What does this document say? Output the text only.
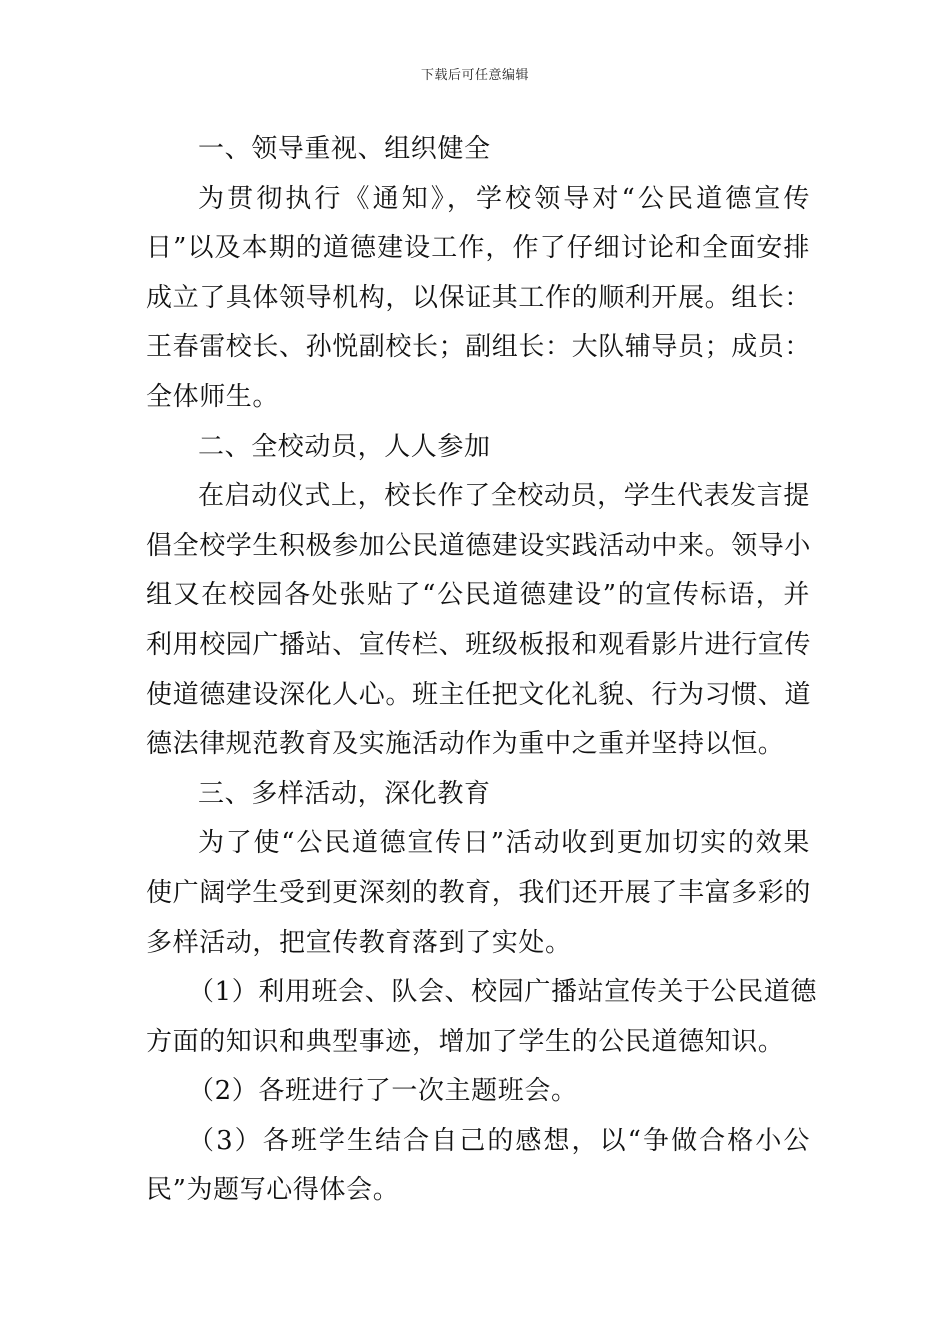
下载后可任意编辑
一、领导重视、组织健全
为贯彻执行《通知》，学校领导对“公民道德宣传
日”以及本期的道德建设工作，作了仔细讨论和全面安排
成立了具体领导机构，以保证其工作的顺利开展。组长：
王春雷校长、孙悦副校长；副组长：大队辅导员；成员：
全体师生。
二、全校动员，人人参加
在启动仪式上，校长作了全校动员，学生代表发言提
倡全校学生积极参加公民道德建设实践活动中来。领导小
组又在校园各处张贴了“公民道德建设”的宣传标语，并
利用校园广播站、宣传栏、班级板报和观看影片进行宣传
使道德建设深化人心。班主任把文化礼貌、行为习惯、道
德法律规范教育及实施活动作为重中之重并坚持以恒。
三、多样活动，深化教育
为了使“公民道德宣传日”活动收到更加切实的效果
使广阔学生受到更深刻的教育，我们还开展了丰富多彩的
多样活动，把宣传教育落到了实处。
（1）利用班会、队会、校园广播站宣传关于公民道德
方面的知识和典型事迹，增加了学生的公民道德知识。
（2）各班进行了一次主题班会。
（3）各班学生结合自己的感想，以“争做合格小公
民”为题写心得体会。
